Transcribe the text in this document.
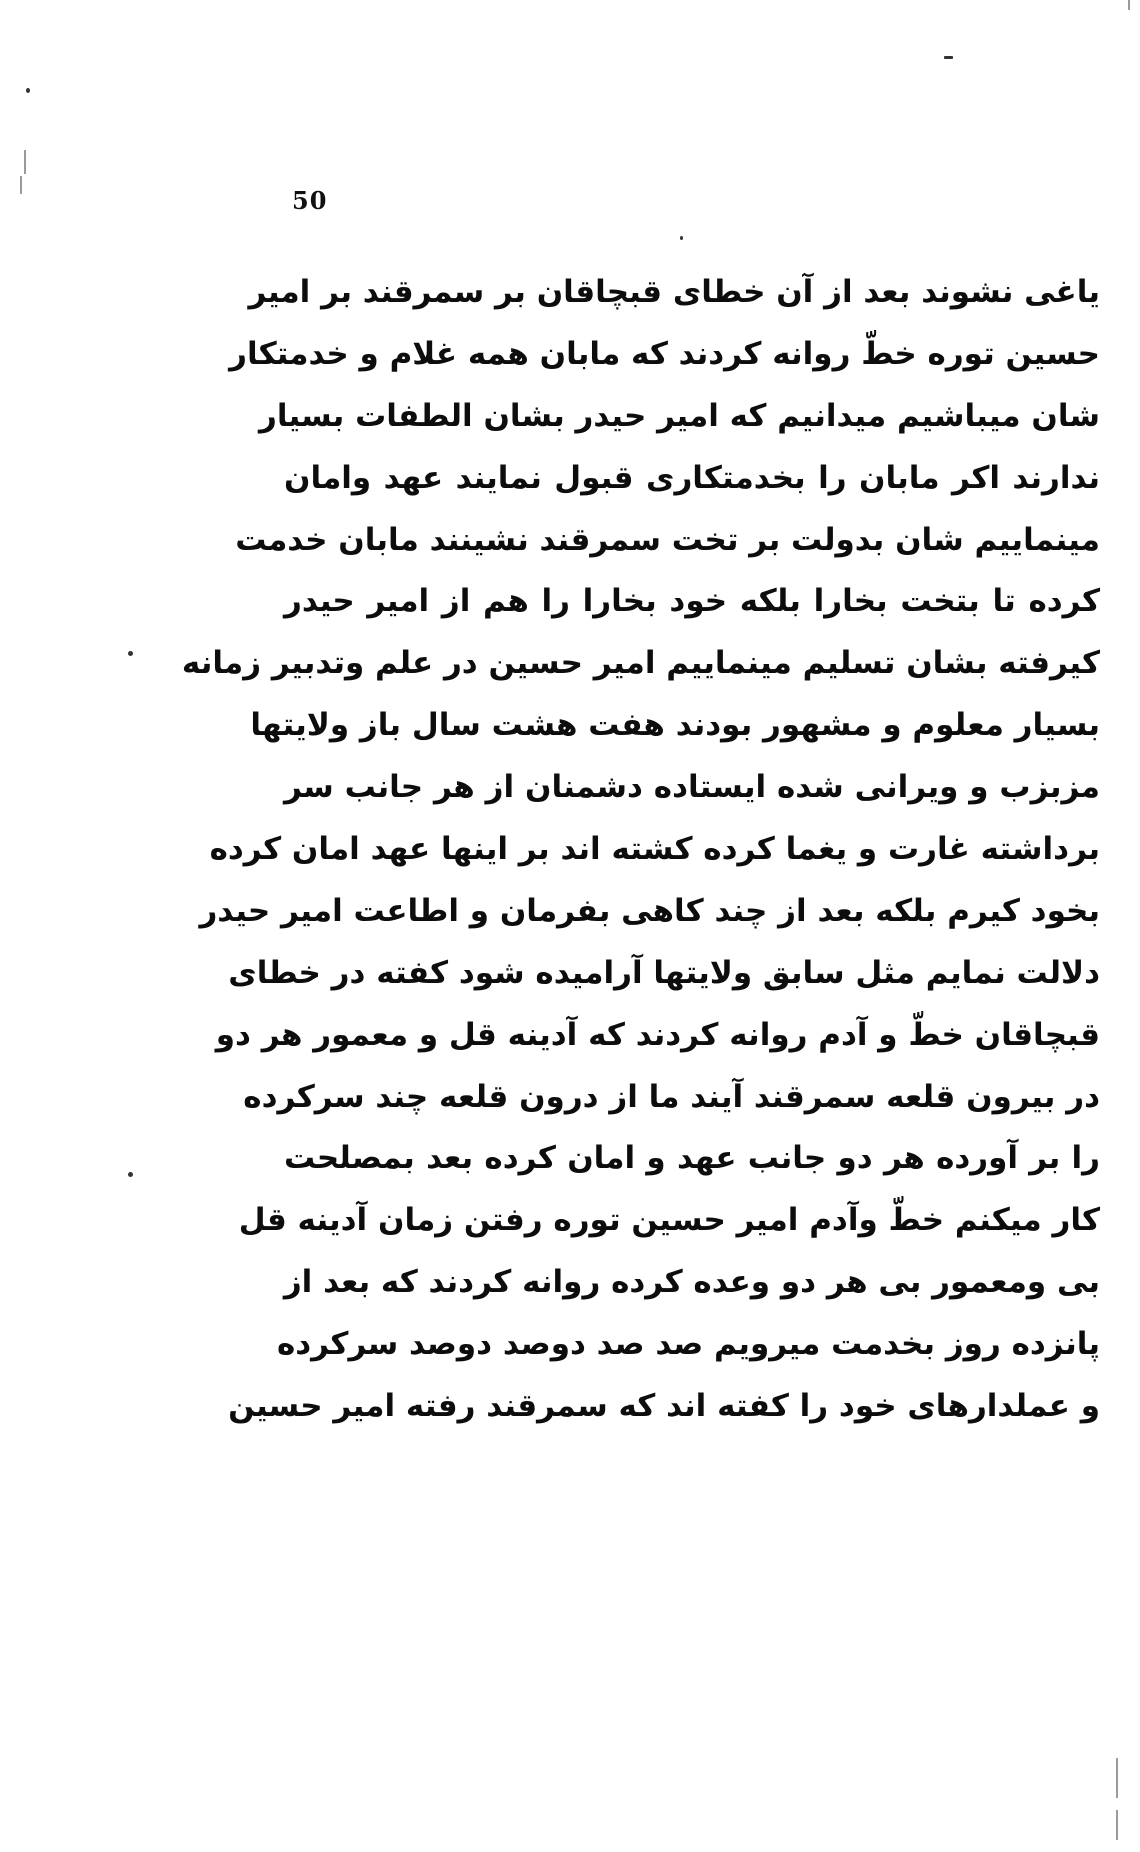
50
یاغی نشوند بعد از آن خطای قبچاقان بر سمرقند بر امیر
حسین توره خطّ روانه کردند که مابان همه غلام و خدمتکار
شان میباشیم میدانیم که امیر حیدر بشان الطفات بسیار
ندارند اکر مابان را بخدمتکاری قبول نمایند عهد وامان
مینماییم شان بدولت بر تخت سمرقند نشینند مابان خدمت
کرده تا بتخت بخارا بلکه خود بخارا را هم از امیر حیدر
کیرفته بشان تسلیم مینماییم امیر حسین در علم وتدبیر زمانه
بسیار معلوم و مشهور بودند هفت هشت سال باز ولایتها
مزبزب و ویرانی شده ایستاده دشمنان از هر جانب سر
برداشته غارت و یغما کرده کشته اند بر اینها عهد امان کرده
بخود کیرم بلکه بعد از چند کاهی بفرمان و اطاعت امیر حیدر
دلالت نمایم مثل سابق ولایتها آرامیده شود کفته در خطای
قبچاقان خطّ و آدم روانه کردند که آدینه قل و معمور هر دو
در بیرون قلعه سمرقند آیند ما از درون قلعه چند سرکرده
را بر آورده هر دو جانب عهد و امان کرده بعد بمصلحت
کار میکنم خطّ وآدم امیر حسین توره رفتن زمان آدینه قل
بی ومعمور بی هر دو وعده کرده روانه کردند که بعد از
پانزده روز بخدمت میرویم صد صد دوصد دوصد سرکرده
و عملدارهای خود را کفته اند که سمرقند رفته امیر حسین
